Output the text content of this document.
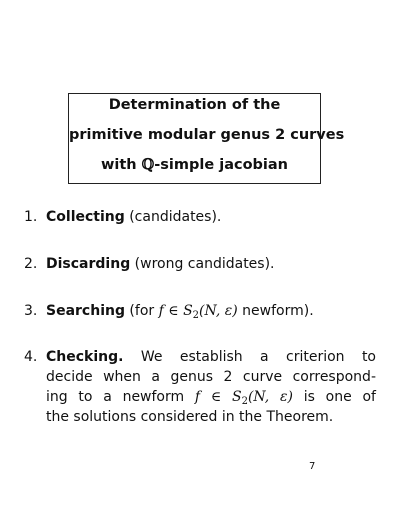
Determination of the
primitive modular genus 2 curves
with ℚ-simple jacobian
1. Collecting (candidates).
2. Discarding (wrong candidates).
3. Searching (for f ∈ $S_2(N$, ε) newform).
4. Checking. We establish a criterion to
decide when a genus 2 curve correspond-
ing to a newform f ∈ $S_2(N$, ε) is one of
the solutions considered in the Theorem.
7
